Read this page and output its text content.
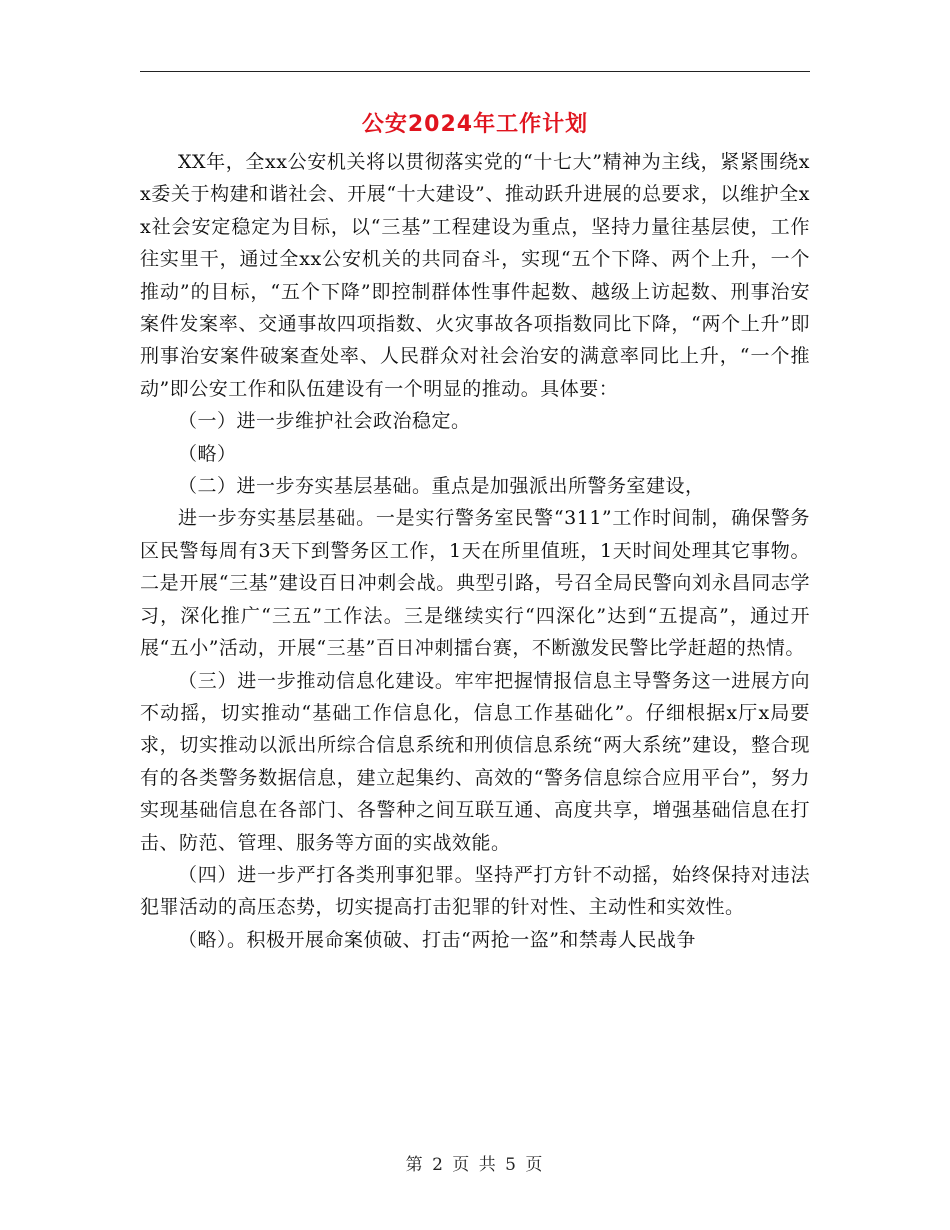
公安2024年工作计划

XX年，全xx公安机关将以贯彻落实党的“十七大”精神为主线，紧紧围绕xx委关于构建和谐社会、开展“十大建设”、推动跃升进展的总要求，以维护全xx社会安定稳定为目标，以“三基”工程建设为重点，坚持力量往基层使，工作往实里干，通过全xx公安机关的共同奋斗，实现“五个下降、两个上升，一个推动”的目标，“五个下降”即控制群体性事件起数、越级上访起数、刑事治安案件发案率、交通事故四项指数、火灾事故各项指数同比下降，“两个上升”即刑事治安案件破案查处率、人民群众对社会治安的满意率同比上升，“一个推动”即公安工作和队伍建设有一个明显的推动。具体要：

（一）进一步维护社会政治稳定。

（略）

（二）进一步夯实基层基础。重点是加强派出所警务室建设，

进一步夯实基层基础。一是实行警务室民警“311”工作时间制，确保警务区民警每周有3天下到警务区工作，1天在所里值班，1天时间处理其它事物。二是开展“三基”建设百日冲刺会战。典型引路，号召全局民警向刘永昌同志学习，深化推广“三五”工作法。三是继续实行“四深化”达到“五提高”，通过开展“五小”活动，开展“三基”百日冲刺擂台赛，不断激发民警比学赶超的热情。

（三）进一步推动信息化建设。牢牢把握情报信息主导警务这一进展方向不动摇，切实推动“基础工作信息化，信息工作基础化”。仔细根据x厅x局要求，切实推动以派出所综合信息系统和刑侦信息系统“两大系统”建设，整合现有的各类警务数据信息，建立起集约、高效的“警务信息综合应用平台”，努力实现基础信息在各部门、各警种之间互联互通、高度共享，增强基础信息在打击、防范、管理、服务等方面的实战效能。

（四）进一步严打各类刑事犯罪。坚持严打方针不动摇，始终保持对违法犯罪活动的高压态势，切实提高打击犯罪的针对性、主动性和实效性。

（略）。积极开展命案侦破、打击“两抢一盗”和禁毒人民战争

第 2 页 共 5 页
